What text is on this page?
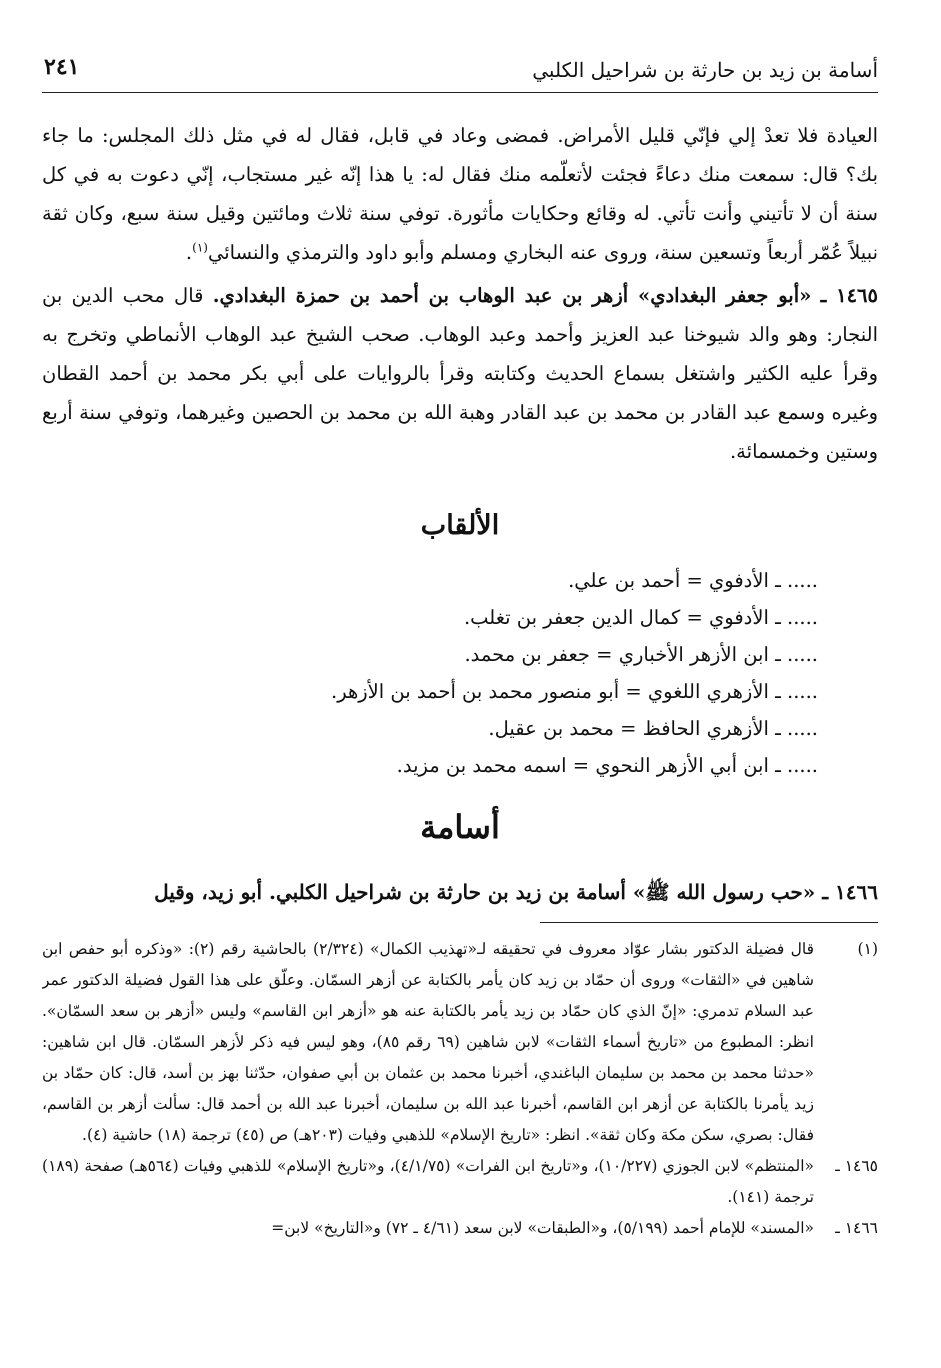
أسامة بن زيد بن حارثة بن شراحيل الكلبي
٢٤١

العيادة فلا تعدْ إلي فإنّي قليل الأمراض. فمضى وعاد في قابل، فقال له في مثل ذلك المجلس: ما جاء بك؟ قال: سمعت منك دعاءً فجئت لأتعلّمه منك فقال له: يا هذا إنّه غير مستجاب، إنّي دعوت به في كل سنة أن لا تأتيني وأنت تأتي. له وقائع وحكايات مأثورة. توفي سنة ثلاث ومائتين وقيل سنة سبع، وكان ثقة نبيلاً عُمّر أربعاً وتسعين سنة، وروى عنه البخاري ومسلم وأبو داود والترمذي والنسائي$^{(١)}$.

١٤٦٥ ـ «أبو جعفر البغدادي» أزهر بن عبد الوهاب بن أحمد بن حمزة البغدادي. قال محب الدين بن النجار: وهو والد شيوخنا عبد العزيز وأحمد وعبد الوهاب. صحب الشيخ عبد الوهاب الأنماطي وتخرج به وقرأ عليه الكثير واشتغل بسماع الحديث وكتابته وقرأ بالروايات على أبي بكر محمد بن أحمد القطان وغيره وسمع عبد القادر بن محمد بن عبد القادر وهبة الله بن محمد بن الحصين وغيرهما، وتوفي سنة أربع وستين وخمسمائة.

الألقاب
..... ـ الأدفوي = أحمد بن علي.
..... ـ الأدفوي = كمال الدين جعفر بن تغلب.
..... ـ ابن الأزهر الأخباري = جعفر بن محمد.
..... ـ الأزهري اللغوي = أبو منصور محمد بن أحمد بن الأزهر.
..... ـ الأزهري الحافظ = محمد بن عقيل.
..... ـ ابن أبي الأزهر النحوي = اسمه محمد بن مزيد.
أسامة
١٤٦٦ ـ «حب رسول الله ﷺ» أسامة بن زيد بن حارثة بن شراحيل الكلبي. أبو زيد، وقيل
(١)
قال فضيلة الدكتور بشار عوّاد معروف في تحقيقه لـ«تهذيب الكمال» (٢/٣٢٤) بالحاشية رقم (٢): «وذكره أبو حفص ابن شاهين في «الثقات» وروى أن حمّاد بن زيد كان يأمر بالكتابة عن أزهر السمّان. وعلّق على هذا القول فضيلة الدكتور عمر عبد السلام تدمري: «إنّ الذي كان حمّاد بن زيد يأمر بالكتابة عنه هو «أزهر ابن القاسم» وليس «أزهر بن سعد السمّان». انظر: المطبوع من «تاريخ أسماء الثقات» لابن شاهين (٦٩ رقم ٨٥)، وهو ليس فيه ذكر لأزهر السمّان. قال ابن شاهين: «حدثنا محمد بن محمد بن سليمان الباغندي، أخبرنا محمد بن عثمان بن أبي صفوان، حدّثنا بهز بن أسد، قال: كان حمّاد بن زيد يأمرنا بالكتابة عن أزهر ابن القاسم، أخبرنا عبد الله بن سليمان، أخبرنا عبد الله بن أحمد قال: سألت أزهر بن القاسم، فقال: بصري، سكن مكة وكان ثقة». انظر: «تاريخ الإسلام» للذهبي وفيات (٢٠٣هـ) ص (٤٥) ترجمة (١٨) حاشية (٤).
١٤٦٥ ـ
«المنتظم» لابن الجوزي (١٠/٢٢٧)، و«تاريخ ابن الفرات» (٤/١/٧٥)، و«تاريخ الإسلام» للذهبي وفيات (٥٦٤هـ) صفحة (١٨٩) ترجمة (١٤١).
١٤٦٦ ـ
«المسند» للإمام أحمد (٥/١٩٩)، و«الطبقات» لابن سعد (٤/٦١ ـ ٧٢) و«التاريخ» لابن=
